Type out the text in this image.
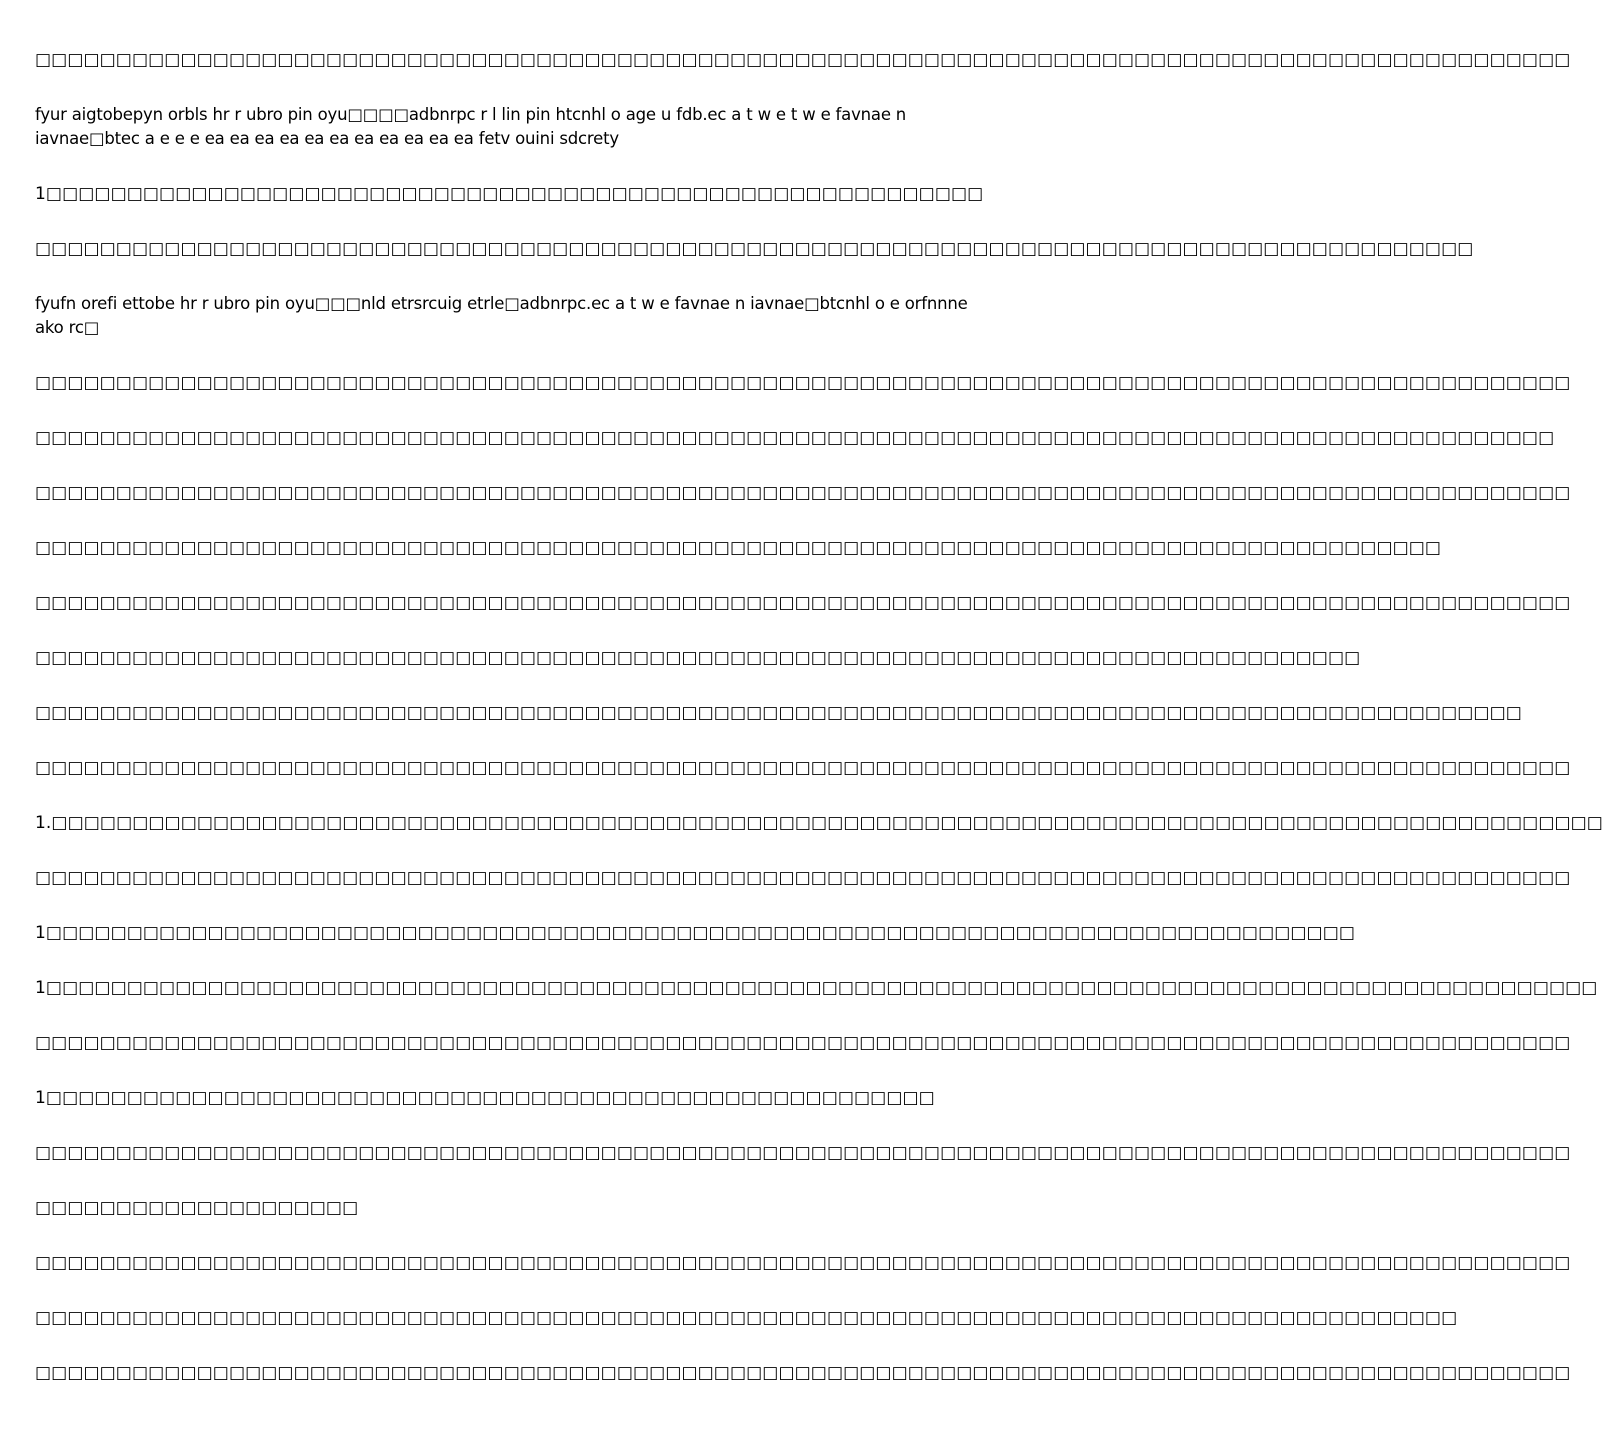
□□□□□□□□□□□□□□□□□□□□□□□□□□□□□□□□□□□□□□□□□□□□□□□□□□□□□□□□□□□□□□□□□□□□□□□□□□□□□□□□□□□□□□□□□□□□□□□

fyur aigtobepyn orbls hr r ubro pin oyu□□□□adbnrpc r l lin pin htcnhl o age u fdb.ec a t w e t w e favnae n iavnae□btec a e e e ea ea ea ea ea ea ea ea ea ea ea fetv ouini sdcrety

1□□□□□□□□□□□□□□□□□□□□□□□□□□□□□□□□□□□□□□□□□□□□□□□□□□□□□□□□□□

□□□□□□□□□□□□□□□□□□□□□□□□□□□□□□□□□□□□□□□□□□□□□□□□□□□□□□□□□□□□□□□□□□□□□□□□□□□□□□□□□□□□□□□□□

fyufn orefi ettobe hr r ubro pin oyu□□□nld etrsrcuig etrle□adbnrpc.ec a t w e favnae n iavnae□btcnhl o e orfnnne ako rc□

□□□□□□□□□□□□□□□□□□□□□□□□□□□□□□□□□□□□□□□□□□□□□□□□□□□□□□□□□□□□□□□□□□□□□□□□□□□□□□□□□□□□□□□□□□□□□□□

□□□□□□□□□□□□□□□□□□□□□□□□□□□□□□□□□□□□□□□□□□□□□□□□□□□□□□□□□□□□□□□□□□□□□□□□□□□□□□□□□□□□□□□□□□□□□□

□□□□□□□□□□□□□□□□□□□□□□□□□□□□□□□□□□□□□□□□□□□□□□□□□□□□□□□□□□□□□□□□□□□□□□□□□□□□□□□□□□□□□□□□□□□□□□□

□□□□□□□□□□□□□□□□□□□□□□□□□□□□□□□□□□□□□□□□□□□□□□□□□□□□□□□□□□□□□□□□□□□□□□□□□□□□□□□□□□□□□□□

□□□□□□□□□□□□□□□□□□□□□□□□□□□□□□□□□□□□□□□□□□□□□□□□□□□□□□□□□□□□□□□□□□□□□□□□□□□□□□□□□□□□□□□□□□□□□□□

□□□□□□□□□□□□□□□□□□□□□□□□□□□□□□□□□□□□□□□□□□□□□□□□□□□□□□□□□□□□□□□□□□□□□□□□□□□□□□□□□□

□□□□□□□□□□□□□□□□□□□□□□□□□□□□□□□□□□□□□□□□□□□□□□□□□□□□□□□□□□□□□□□□□□□□□□□□□□□□□□□□□□□□□□□□□□□□

□□□□□□□□□□□□□□□□□□□□□□□□□□□□□□□□□□□□□□□□□□□□□□□□□□□□□□□□□□□□□□□□□□□□□□□□□□□□□□□□□□□□□□□□□□□□□□□

1.□□□□□□□□□□□□□□□□□□□□□□□□□□□□□□□□□□□□□□□□□□□□□□□□□□□□□□□□□□□□□□□□□□□□□□□□□□□□□□□□□□□□□□□□□□□□□□□□

□□□□□□□□□□□□□□□□□□□□□□□□□□□□□□□□□□□□□□□□□□□□□□□□□□□□□□□□□□□□□□□□□□□□□□□□□□□□□□□□□□□□□□□□□□□□□□□

1□□□□□□□□□□□□□□□□□□□□□□□□□□□□□□□□□□□□□□□□□□□□□□□□□□□□□□□□□□□□□□□□□□□□□□□□□□□□□□□□□

1□□□□□□□□□□□□□□□□□□□□□□□□□□□□□□□□□□□□□□□□□□□□□□□□□□□□□□□□□□□□□□□□□□□□□□□□□□□□□□□□□□□□□□□□□□□□□□□□

□□□□□□□□□□□□□□□□□□□□□□□□□□□□□□□□□□□□□□□□□□□□□□□□□□□□□□□□□□□□□□□□□□□□□□□□□□□□□□□□□□□□□□□□□□□□□□□

1□□□□□□□□□□□□□□□□□□□□□□□□□□□□□□□□□□□□□□□□□□□□□□□□□□□□□□□

□□□□□□□□□□□□□□□□□□□□□□□□□□□□□□□□□□□□□□□□□□□□□□□□□□□□□□□□□□□□□□□□□□□□□□□□□□□□□□□□□□□□□□□□□□□□□□□

□□□□□□□□□□□□□□□□□□□□

□□□□□□□□□□□□□□□□□□□□□□□□□□□□□□□□□□□□□□□□□□□□□□□□□□□□□□□□□□□□□□□□□□□□□□□□□□□□□□□□□□□□□□□□□□□□□□□

□□□□□□□□□□□□□□□□□□□□□□□□□□□□□□□□□□□□□□□□□□□□□□□□□□□□□□□□□□□□□□□□□□□□□□□□□□□□□□□□□□□□□□□□

□□□□□□□□□□□□□□□□□□□□□□□□□□□□□□□□□□□□□□□□□□□□□□□□□□□□□□□□□□□□□□□□□□□□□□□□□□□□□□□□□□□□□□□□□□□□□□□
